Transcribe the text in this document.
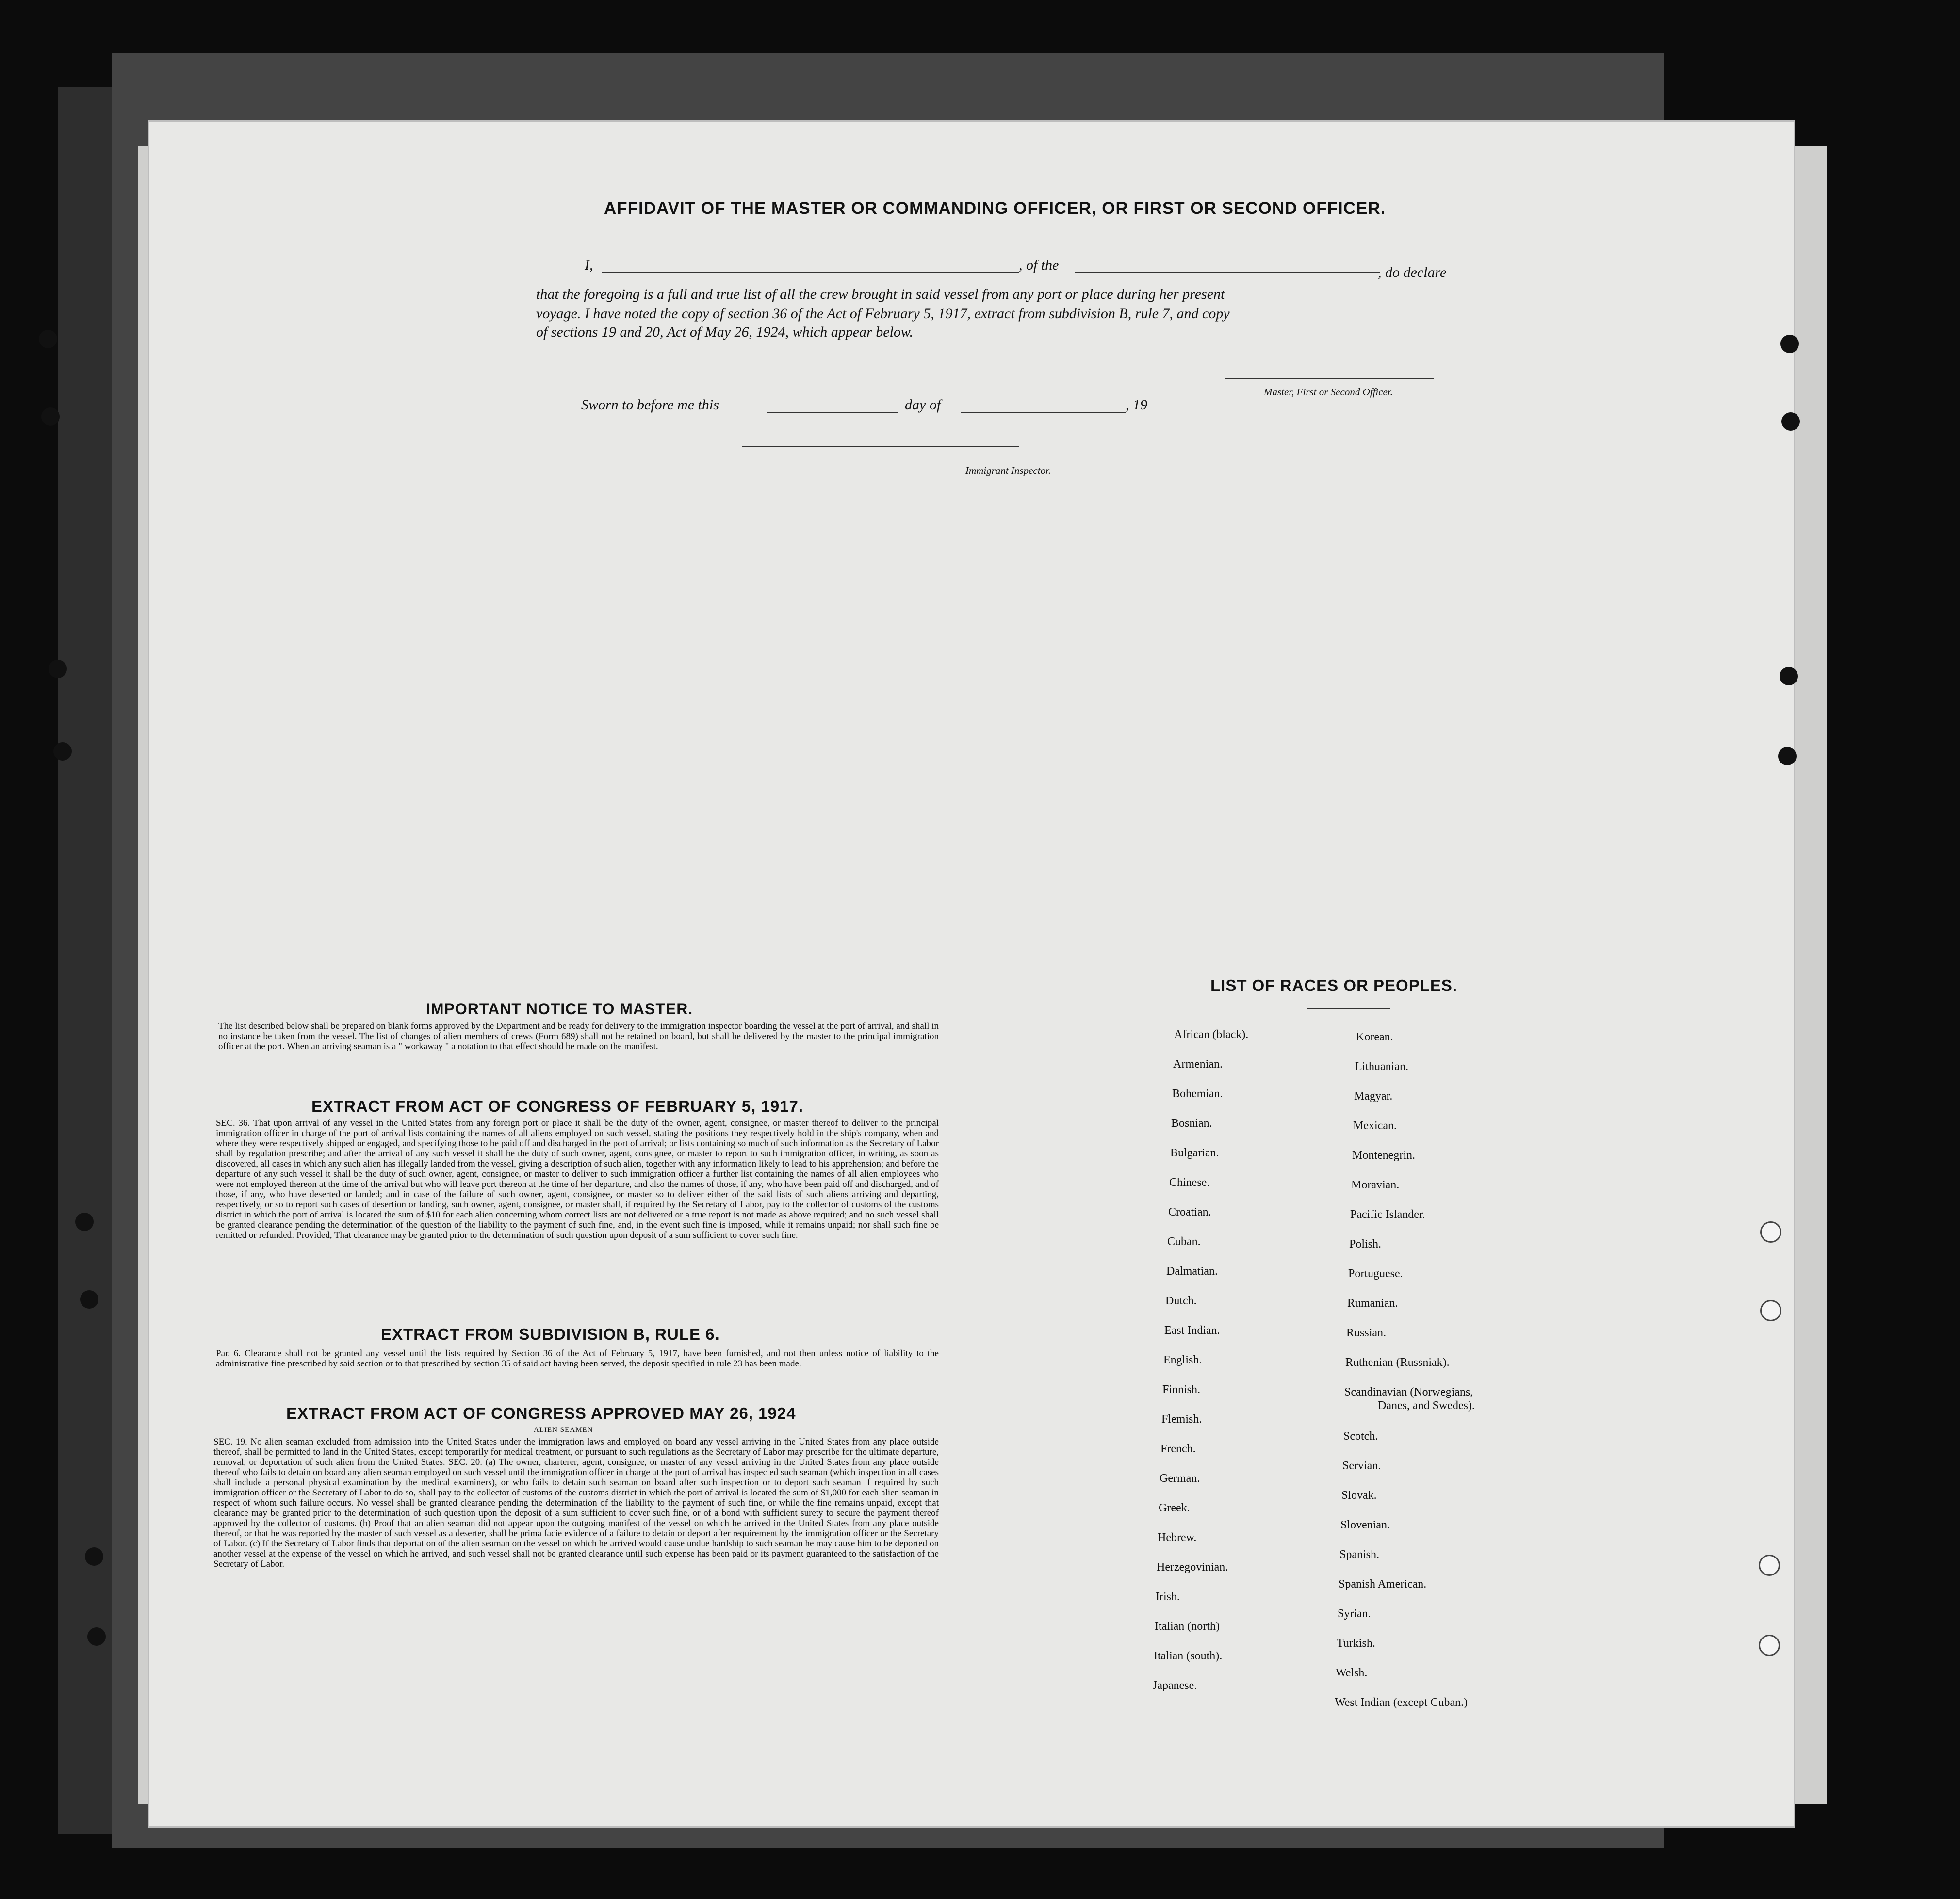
AFFIDAVIT OF THE MASTER OR COMMANDING OFFICER, OR FIRST OR SECOND OFFICER.
I,	, of the	, do declare
that the foregoing is a full and true list of all the crew brought in said vessel from any port or place during her present
voyage. I have noted the copy of section 36 of the Act of February 5, 1917, extract from subdivision B, rule 7, and copy
of sections 19 and 20, Act of May 26, 1924, which appear below.
Master, First or Second Officer.
Sworn to before me this	day of	, 19
Immigrant Inspector.
IMPORTANT NOTICE TO MASTER.
The list described below shall be prepared on blank forms approved by the Department and be ready for delivery to the immigration inspector boarding the vessel at the port of arrival, and shall in no instance be taken from the vessel. The list of changes of alien members of crews (Form 689) shall not be retained on board, but shall be delivered by the master to the principal immigration officer at the port. When an arriving seaman is a " workaway " a notation to that effect should be made on the manifest.
EXTRACT FROM ACT OF CONGRESS OF FEBRUARY 5, 1917.
SEC. 36. That upon arrival of any vessel in the United States from any foreign port or place it shall be the duty of the owner, agent, consignee, or master thereof to deliver to the principal immigration officer in charge of the port of arrival lists containing the names of all aliens employed on such vessel, stating the positions they respectively hold in the ship's company, when and where they were respectively shipped or engaged, and specifying those to be paid off and discharged in the port of arrival; or lists containing so much of such information as the Secretary of Labor shall by regulation prescribe; and after the arrival of any such vessel it shall be the duty of such owner, agent, consignee, or master to report to such immigration officer, in writing, as soon as discovered, all cases in which any such alien has illegally landed from the vessel, giving a description of such alien, together with any information likely to lead to his apprehension; and before the departure of any such vessel it shall be the duty of such owner, agent, consignee, or master to deliver to such immigration officer a further list containing the names of all alien employees who were not employed thereon at the time of the arrival but who will leave port thereon at the time of her departure, and also the names of those, if any, who have been paid off and discharged, and of those, if any, who have deserted or landed; and in case of the failure of such owner, agent, consignee, or master so to deliver either of the said lists of such aliens arriving and departing, respectively, or so to report such cases of desertion or landing, such owner, agent, consignee, or master shall, if required by the Secretary of Labor, pay to the collector of customs of the customs district in which the port of arrival is located the sum of $10 for each alien concerning whom correct lists are not delivered or a true report is not made as above required; and no such vessel shall be granted clearance pending the determination of the question of the liability to the payment of such fine, and, in the event such fine is imposed, while it remains unpaid; nor shall such fine be remitted or refunded: Provided, That clearance may be granted prior to the determination of such question upon deposit of a sum sufficient to cover such fine.
EXTRACT FROM SUBDIVISION B, RULE 6.
Par. 6. Clearance shall not be granted any vessel until the lists required by Section 36 of the Act of February 5, 1917, have been furnished, and not then unless notice of liability to the administrative fine prescribed by said section or to that prescribed by section 35 of said act having been served, the deposit specified in rule 23 has been made.
EXTRACT FROM ACT OF CONGRESS APPROVED MAY 26, 1924
ALIEN SEAMEN
SEC. 19. No alien seaman excluded from admission into the United States under the immigration laws and employed on board any vessel arriving in the United States from any place outside thereof, shall be permitted to land in the United States, except temporarily for medical treatment, or pursuant to such regulations as the Secretary of Labor may prescribe for the ultimate departure, removal, or deportation of such alien from the United States. SEC. 20. (a) The owner, charterer, agent, consignee, or master of any vessel arriving in the United States from any place outside thereof who fails to detain on board any alien seaman employed on such vessel until the immigration officer in charge at the port of arrival has inspected such seaman (which inspection in all cases shall include a personal physical examination by the medical examiners), or who fails to detain such seaman on board after such inspection or to deport such seaman if required by such immigration officer or the Secretary of Labor to do so, shall pay to the collector of customs of the customs district in which the port of arrival is located the sum of $1,000 for each alien seaman in respect of whom such failure occurs. No vessel shall be granted clearance pending the determination of the liability to the payment of such fine, or while the fine remains unpaid, except that clearance may be granted prior to the determination of such question upon the deposit of a sum sufficient to cover such fine, or of a bond with sufficient surety to secure the payment thereof approved by the collector of customs. (b) Proof that an alien seaman did not appear upon the outgoing manifest of the vessel on which he arrived in the United States from any place outside thereof, or that he was reported by the master of such vessel as a deserter, shall be prima facie evidence of a failure to detain or deport after requirement by the immigration officer or the Secretary of Labor. (c) If the Secretary of Labor finds that deportation of the alien seaman on the vessel on which he arrived would cause undue hardship to such seaman he may cause him to be deported on another vessel at the expense of the vessel on which he arrived, and such vessel shall not be granted clearance until such expense has been paid or its payment guaranteed to the satisfaction of the Secretary of Labor.
LIST OF RACES OR PEOPLES.
African (black).
Armenian.
Bohemian.
Bosnian.
Bulgarian.
Chinese.
Croatian.
Cuban.
Dalmatian.
Dutch.
East Indian.
English.
Finnish.
Flemish.
French.
German.
Greek.
Hebrew.
Herzegovinian.
Irish.
Italian (north)
Italian (south).
Japanese.
Korean.
Lithuanian.
Magyar.
Mexican.
Montenegrin.
Moravian.
Pacific Islander.
Polish.
Portuguese.
Rumanian.
Russian.
Ruthenian (Russniak).
Scandinavian (Norwegians,
Scotch.
Servian.
Slovak.
Slovenian.
Spanish.
Spanish American.
Syrian.
Turkish.
Welsh.
West Indian (except Cuban.)
Danes, and Swedes).
